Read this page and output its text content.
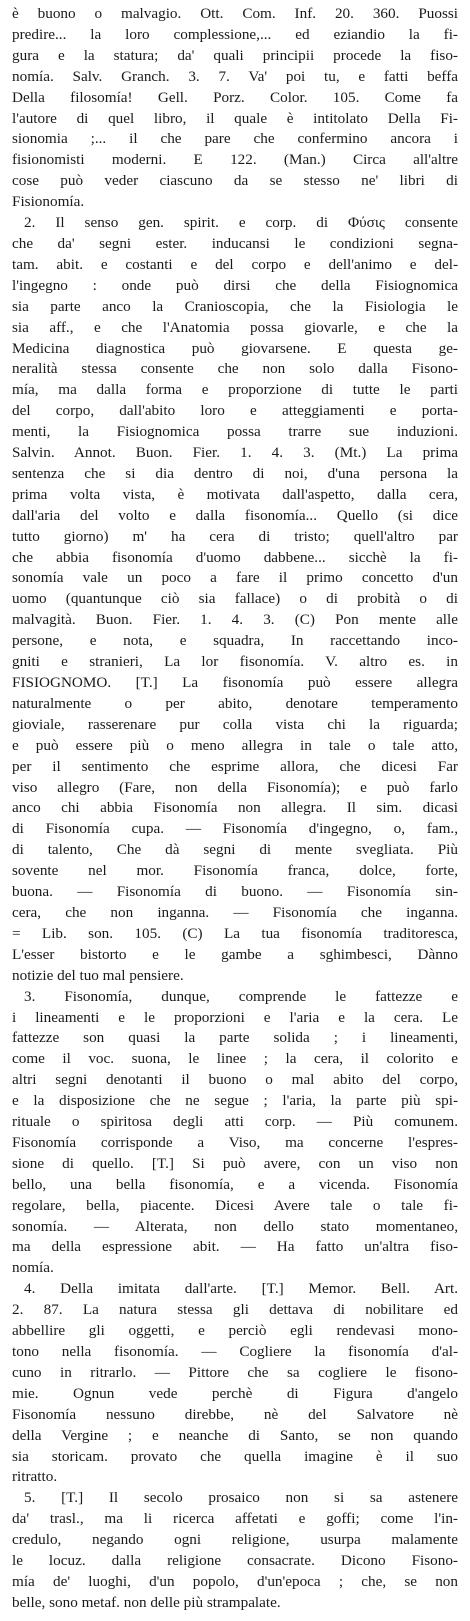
è buono o malvagio. Ott. Com. Inf. 20. 360. Puossi
predire... la loro complessione,... ed eziandio la fi-
gura e la statura; da' quali principii procede la fiso-
nomía. Salv. Granch. 3. 7. Va' poi tu, e fatti beffa
Della filosomía! Gell. Porz. Color. 105. Come fa
l'autore di quel libro, il quale è intitolato Della Fi-
sionomia ;... il che pare che confermino ancora i
fisionomisti moderni. E 122. (Man.) Circa all'altre
cose può veder ciascuno da se stesso ne' libri di
Fisionomía.
2. Il senso gen. spirit. e corp. di Φύσις consente
che da' segni ester. inducansi le condizioni segna-
tam. abit. e costanti e del corpo e dell'animo e del-
l'ingegno : onde può dirsi che della Fisiognomica
sia parte anco la Cranioscopia, che la Fisiologia le
sia aff., e che l'Anatomia possa giovarle, e che la
Medicina diagnostica può giovarsene. E questa ge-
neralità stessa consente che non solo dalla Fisono-
mía, ma dalla forma e proporzione di tutte le parti
del corpo, dall'abito loro e atteggiamenti e porta-
menti, la Fisiognomica possa trarre sue induzioni.
Salvin. Annot. Buon. Fier. 1. 4. 3. (Mt.) La prima
sentenza che si dia dentro di noi, d'una persona la
prima volta vista, è motivata dall'aspetto, dalla cera,
dall'aria del volto e dalla fisonomía... Quello (si dice
tutto giorno) m' ha cera di tristo; quell'altro par
che abbia fisonomía d'uomo dabbene... sicchè la fi-
sonomía vale un poco a fare il primo concetto d'un
uomo (quantunque ciò sia fallace) o di probità o di
malvagità. Buon. Fier. 1. 4. 3. (C) Pon mente alle
persone, e nota, e squadra, In raccettando inco-
gniti e stranieri, La lor fisonomía. V. altro es. in
FISIOGNOMO. [T.] La fisonomía può essere allegra
naturalmente o per abito, denotare temperamento
gioviale, rasserenare pur colla vista chi la riguarda;
e può essere più o meno allegra in tale o tale atto,
per il sentimento che esprime allora, che dicesi Far
viso allegro (Fare, non della Fisonomía); e può farlo
anco chi abbia Fisonomía non allegra. Il sim. dicasi
di Fisonomía cupa. — Fisonomía d'ingegno, o, fam.,
di talento, Che dà segni di mente svegliata. Più
sovente nel mor. Fisonomía franca, dolce, forte,
buona. — Fisonomía di buono. — Fisonomía sin-
cera, che non inganna. — Fisonomía che inganna.
= Lib. son. 105. (C) La tua fisonomía traditoresca,
L'esser bistorto e le gambe a sghimbesci, Dànno
notizie del tuo mal pensiere.
3. Fisonomía, dunque, comprende le fattezze e
i lineamenti e le proporzioni e l'aria e la cera. Le
fattezze son quasi la parte solida ; i lineamenti,
come il voc. suona, le linee ; la cera, il colorito e
altri segni denotanti il buono o mal abito del corpo,
e la disposizione che ne segue ; l'aria, la parte più spi-
rituale o spiritosa degli atti corp. — Più comunem.
Fisonomía corrisponde a Viso, ma concerne l'espres-
sione di quello. [T.] Si può avere, con un viso non
bello, una bella fisonomía, e a vicenda. Fisonomía
regolare, bella, piacente. Dicesi Avere tale o tale fi-
sonomía. — Alterata, non dello stato momentaneo,
ma della espressione abit. — Ha fatto un'altra fiso-
nomía.
4. Della imitata dall'arte. [T.] Memor. Bell. Art.
2. 87. La natura stessa gli dettava di nobilitare ed
abbellire gli oggetti, e perciò egli rendevasi mono-
tono nella fisonomía. — Cogliere la fisonomía d'al-
cuno in ritrarlo. — Pittore che sa cogliere le fisono-
mie. Ognun vede perchè di Figura d'angelo
Fisonomía nessuno direbbe, nè del Salvatore nè
della Vergine ; e neanche di Santo, se non quando
sia storicam. provato che quella imagine è il suo
ritratto.
5. [T.] Il secolo prosaico non si sa astenere
da' trasl., ma li ricerca affetati e goffi; come l'in-
credulo, negando ogni religione, usurpa malamente
le locuz. dalla religione consacrate. Dicono Fisono-
mía de' luoghi, d'un popolo, d'un'epoca ; che, se non
belle, sono metaf. non delle più strampalate.
